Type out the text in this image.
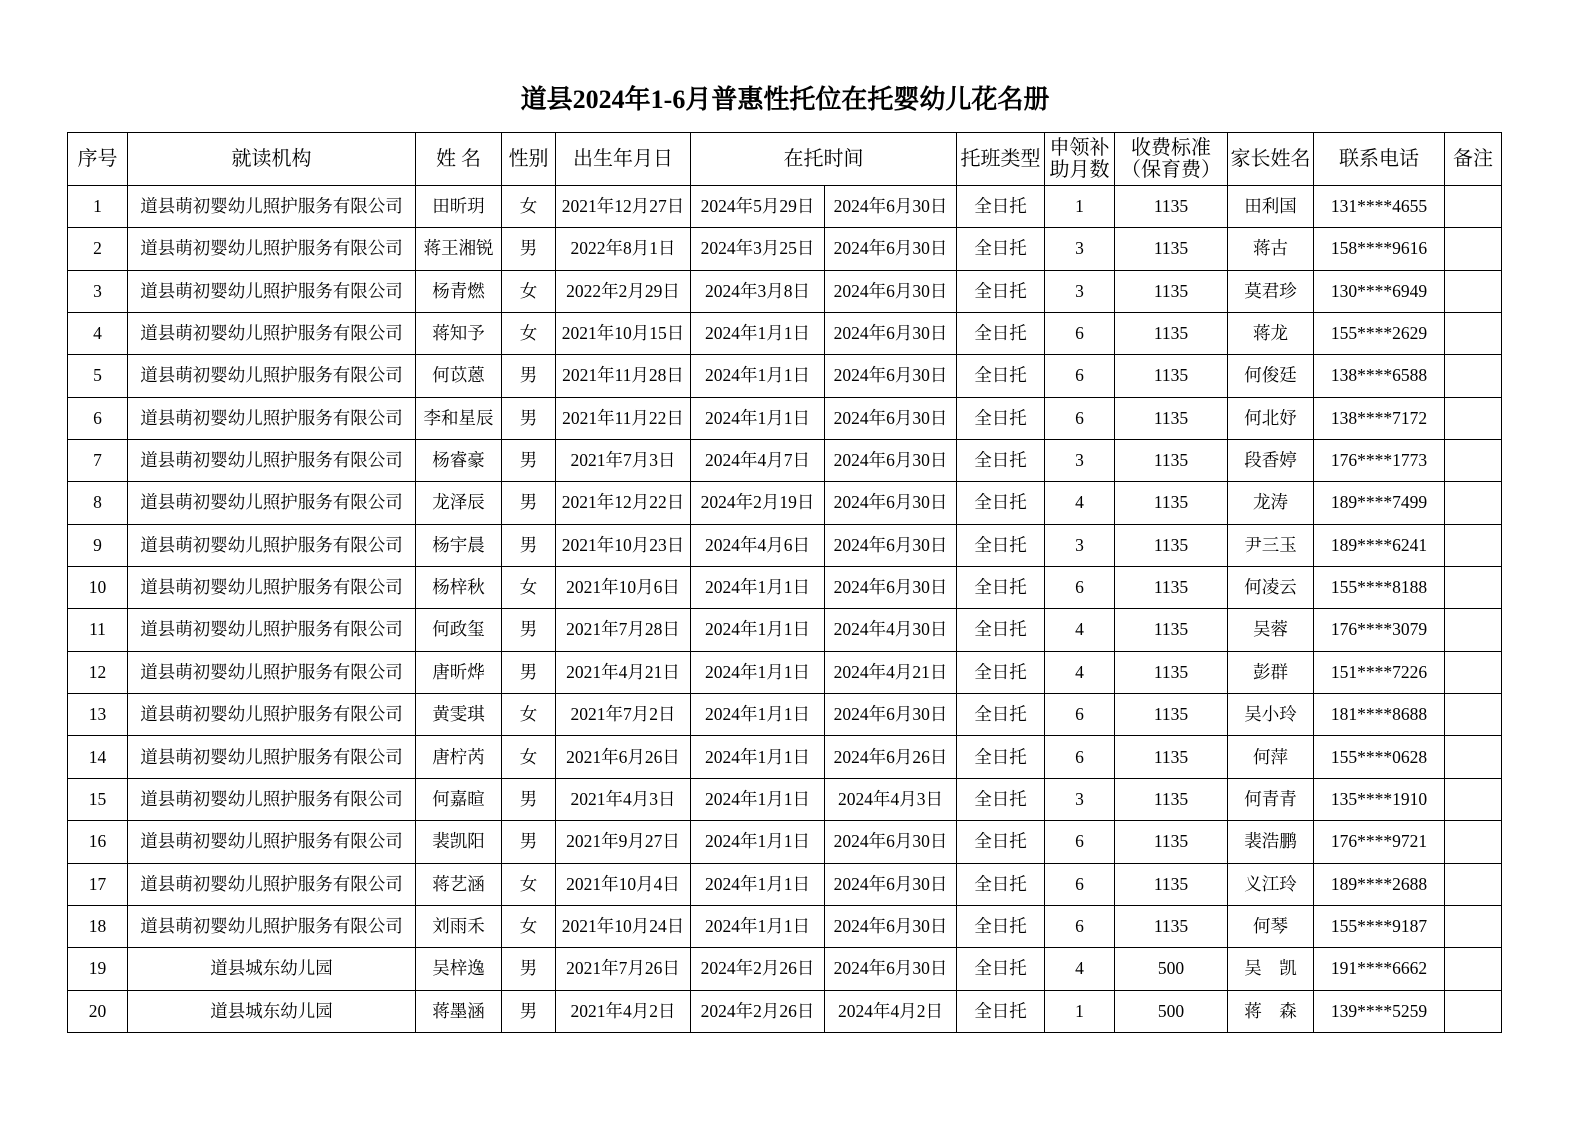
道县2024年1-6月普惠性托位在托婴幼儿花名册
序号	就读机构	姓 名	性别	出生年月日	在托时间		托班类型	申领补助月数	收费标准（保育费）	家长姓名	联系电话	备注
1	道县萌初婴幼儿照护服务有限公司	田昕玥	女	2021年12月27日	2024年5月29日	2024年6月30日	全日托	1	1135	田利国	131****4655	
2	道县萌初婴幼儿照护服务有限公司	蒋王湘锐	男	2022年8月1日	2024年3月25日	2024年6月30日	全日托	3	1135	蒋古	158****9616	
3	道县萌初婴幼儿照护服务有限公司	杨青燃	女	2022年2月29日	2024年3月8日	2024年6月30日	全日托	3	1135	莫君珍	130****6949	
4	道县萌初婴幼儿照护服务有限公司	蒋知予	女	2021年10月15日	2024年1月1日	2024年6月30日	全日托	6	1135	蒋龙	155****2629	
5	道县萌初婴幼儿照护服务有限公司	何苡蒽	男	2021年11月28日	2024年1月1日	2024年6月30日	全日托	6	1135	何俊廷	138****6588	
6	道县萌初婴幼儿照护服务有限公司	李和星辰	男	2021年11月22日	2024年1月1日	2024年6月30日	全日托	6	1135	何北妤	138****7172	
7	道县萌初婴幼儿照护服务有限公司	杨睿豪	男	2021年7月3日	2024年4月7日	2024年6月30日	全日托	3	1135	段香婷	176****1773	
8	道县萌初婴幼儿照护服务有限公司	龙泽辰	男	2021年12月22日	2024年2月19日	2024年6月30日	全日托	4	1135	龙涛	189****7499	
9	道县萌初婴幼儿照护服务有限公司	杨宇晨	男	2021年10月23日	2024年4月6日	2024年6月30日	全日托	3	1135	尹三玉	189****6241	
10	道县萌初婴幼儿照护服务有限公司	杨梓秋	女	2021年10月6日	2024年1月1日	2024年6月30日	全日托	6	1135	何凌云	155****8188	
11	道县萌初婴幼儿照护服务有限公司	何政玺	男	2021年7月28日	2024年1月1日	2024年4月30日	全日托	4	1135	吴蓉	176****3079	
12	道县萌初婴幼儿照护服务有限公司	唐昕烨	男	2021年4月21日	2024年1月1日	2024年4月21日	全日托	4	1135	彭群	151****7226	
13	道县萌初婴幼儿照护服务有限公司	黄雯琪	女	2021年7月2日	2024年1月1日	2024年6月30日	全日托	6	1135	吴小玲	181****8688	
14	道县萌初婴幼儿照护服务有限公司	唐柠芮	女	2021年6月26日	2024年1月1日	2024年6月26日	全日托	6	1135	何萍	155****0628	
15	道县萌初婴幼儿照护服务有限公司	何嘉暄	男	2021年4月3日	2024年1月1日	2024年4月3日	全日托	3	1135	何青青	135****1910	
16	道县萌初婴幼儿照护服务有限公司	裴凯阳	男	2021年9月27日	2024年1月1日	2024年6月30日	全日托	6	1135	裴浩鹏	176****9721	
17	道县萌初婴幼儿照护服务有限公司	蒋艺涵	女	2021年10月4日	2024年1月1日	2024年6月30日	全日托	6	1135	义江玲	189****2688	
18	道县萌初婴幼儿照护服务有限公司	刘雨禾	女	2021年10月24日	2024年1月1日	2024年6月30日	全日托	6	1135	何琴	155****9187	
19	道县城东幼儿园	吴梓逸	男	2021年7月26日	2024年2月26日	2024年6月30日	全日托	4	500	吴　凯	191****6662	
20	道县城东幼儿园	蒋墨涵	男	2021年4月2日	2024年2月26日	2024年4月2日	全日托	1	500	蒋　森	139****5259	
